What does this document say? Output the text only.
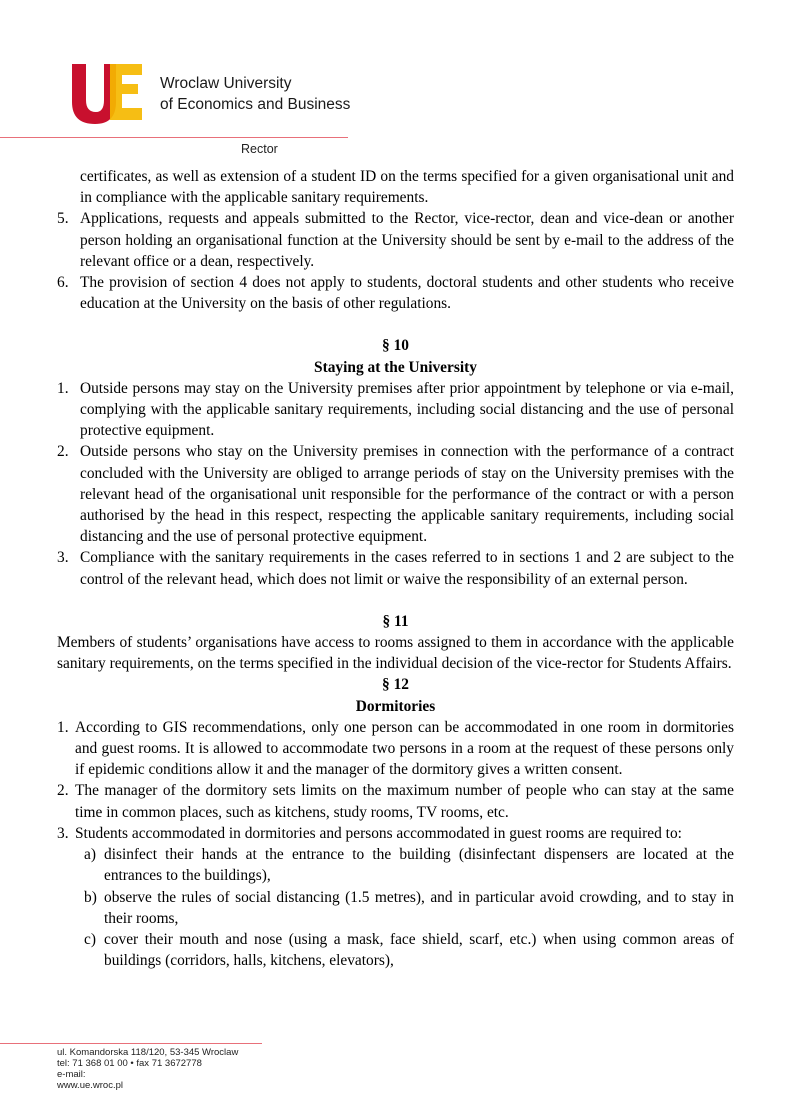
Wroclaw University
of Economics and Business
Rector

certificates, as well as extension of a student ID on the terms specified for a given organisational unit and in compliance with the applicable sanitary requirements.

5. Applications, requests and appeals submitted to the Rector, vice-rector, dean and vice-dean or another person holding an organisational function at the University should be sent by e-mail to the address of the relevant office or a dean, respectively.
6. The provision of section 4 does not apply to students, doctoral students and other students who receive education at the University on the basis of other regulations.
§ 10
Staying at the University
1. Outside persons may stay on the University premises after prior appointment by telephone or via e-mail, complying with the applicable sanitary requirements, including social distancing and the use of personal protective equipment.
2. Outside persons who stay on the University premises in connection with the performance of a contract concluded with the University are obliged to arrange periods of stay on the University premises with the relevant head of the organisational unit responsible for the performance of the contract or with a person authorised by the head in this respect, respecting the applicable sanitary requirements, including social distancing and the use of personal protective equipment.
3. Compliance with the sanitary requirements in the cases referred to in sections 1 and 2 are subject to the control of the relevant head, which does not limit or waive the responsibility of an external person.
§ 11

Members of students’ organisations have access to rooms assigned to them in accordance with the applicable sanitary requirements, on the terms specified in the individual decision of the vice-rector for Students Affairs.

§ 12
Dormitories
1. According to GIS recommendations, only one person can be accommodated in one room in dormitories and guest rooms. It is allowed to accommodate two persons in a room at the request of these persons only if epidemic conditions allow it and the manager of the dormitory gives a written consent.
2. The manager of the dormitory sets limits on the maximum number of people who can stay at the same time in common places, such as kitchens, study rooms, TV rooms, etc.
3. Students accommodated in dormitories and persons accommodated in guest rooms are required to:
a) disinfect their hands at the entrance to the building (disinfectant dispensers are located at the entrances to the buildings),
b) observe the rules of social distancing (1.5 metres), and in particular avoid crowding, and to stay in their rooms,
c) cover their mouth and nose (using a mask, face shield, scarf, etc.) when using common areas of buildings (corridors, halls, kitchens, elevators),
ul. Komandorska 118/120, 53-345 Wroclaw
tel: 71 368 01 00 • fax 71 3672778
e-mail:
www.ue.wroc.pl
